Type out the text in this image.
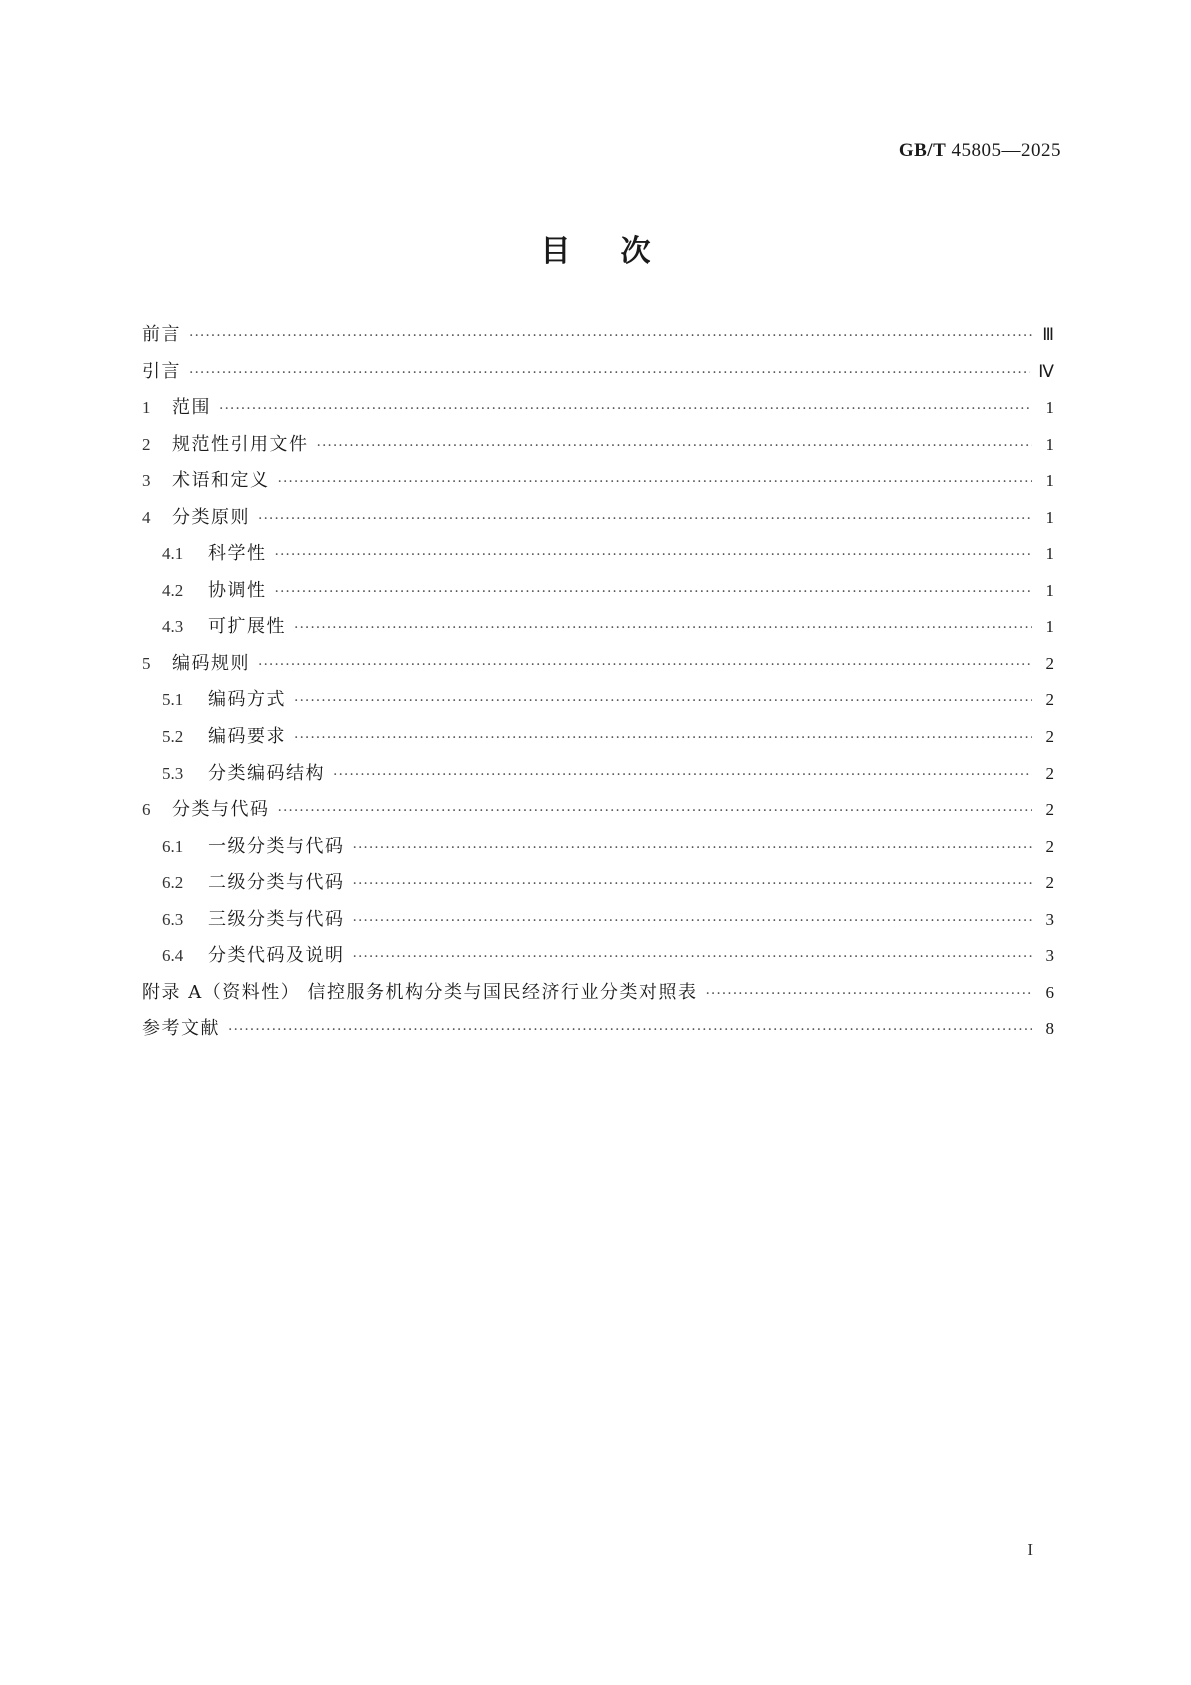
GB/T 45805—2025
目次
前言 ·····	Ⅲ
引言 ·····	Ⅳ
1	范围 ·····	1
2	规范性引用文件 ·····	1
3	术语和定义 ·····	1
4	分类原则 ·····	1
4.1	科学性 ·····	1
4.2	协调性 ·····	1
4.3	可扩展性 ·····	1
5	编码规则 ·····	2
5.1	编码方式 ·····	2
5.2	编码要求 ·····	2
5.3	分类编码结构 ·····	2
6	分类与代码 ·····	2
6.1	一级分类与代码 ·····	2
6.2	二级分类与代码 ·····	2
6.3	三级分类与代码 ·····	3
6.4	分类代码及说明 ·····	3
附录 A（资料性） 信控服务机构分类与国民经济行业分类对照表 ·····	6
参考文献 ·····	8
I
